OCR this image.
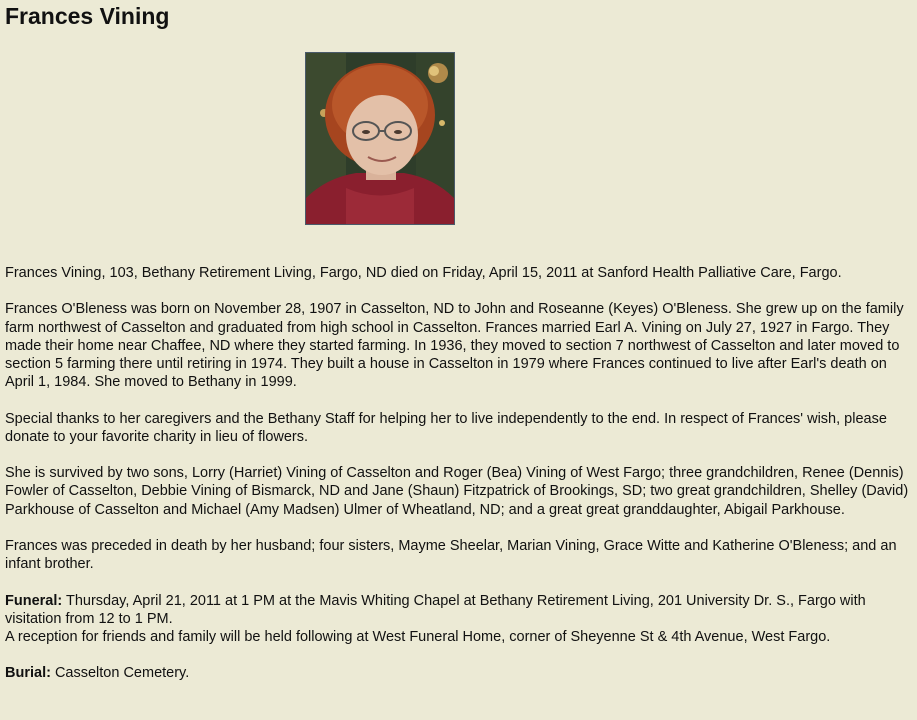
Frances Vining

Frances Vining, 103, Bethany Retirement Living, Fargo, ND died on Friday, April 15, 2011 at Sanford Health Palliative Care, Fargo.

Frances O'Bleness was born on November 28, 1907 in Casselton, ND to John and Roseanne (Keyes) O'Bleness. She grew up on the family farm northwest of Casselton and graduated from high school in Casselton. Frances married Earl A. Vining on July 27, 1927 in Fargo. They made their home near Chaffee, ND where they started farming. In 1936, they moved to section 7 northwest of Casselton and later moved to section 5 farming there until retiring in 1974. They built a house in Casselton in 1979 where Frances continued to live after Earl's death on April 1, 1984. She moved to Bethany in 1999.

Special thanks to her caregivers and the Bethany Staff for helping her to live independently to the end. In respect of Frances' wish, please donate to your favorite charity in lieu of flowers.

She is survived by two sons, Lorry (Harriet) Vining of Casselton and Roger (Bea) Vining of West Fargo; three grandchildren, Renee (Dennis) Fowler of Casselton, Debbie Vining of Bismarck, ND and Jane (Shaun) Fitzpatrick of Brookings, SD; two great grandchildren, Shelley (David) Parkhouse of Casselton and Michael (Amy Madsen) Ulmer of Wheatland, ND; and a great great granddaughter, Abigail Parkhouse.

Frances was preceded in death by her husband; four sisters, Mayme Sheelar, Marian Vining, Grace Witte and Katherine O'Bleness; and an infant brother.

Funeral: Thursday, April 21, 2011 at 1 PM at the Mavis Whiting Chapel at Bethany Retirement Living, 201 University Dr. S., Fargo with visitation from 12 to 1 PM.
A reception for friends and family will be held following at West Funeral Home, corner of Sheyenne St & 4th Avenue, West Fargo.

Burial: Casselton Cemetery.
